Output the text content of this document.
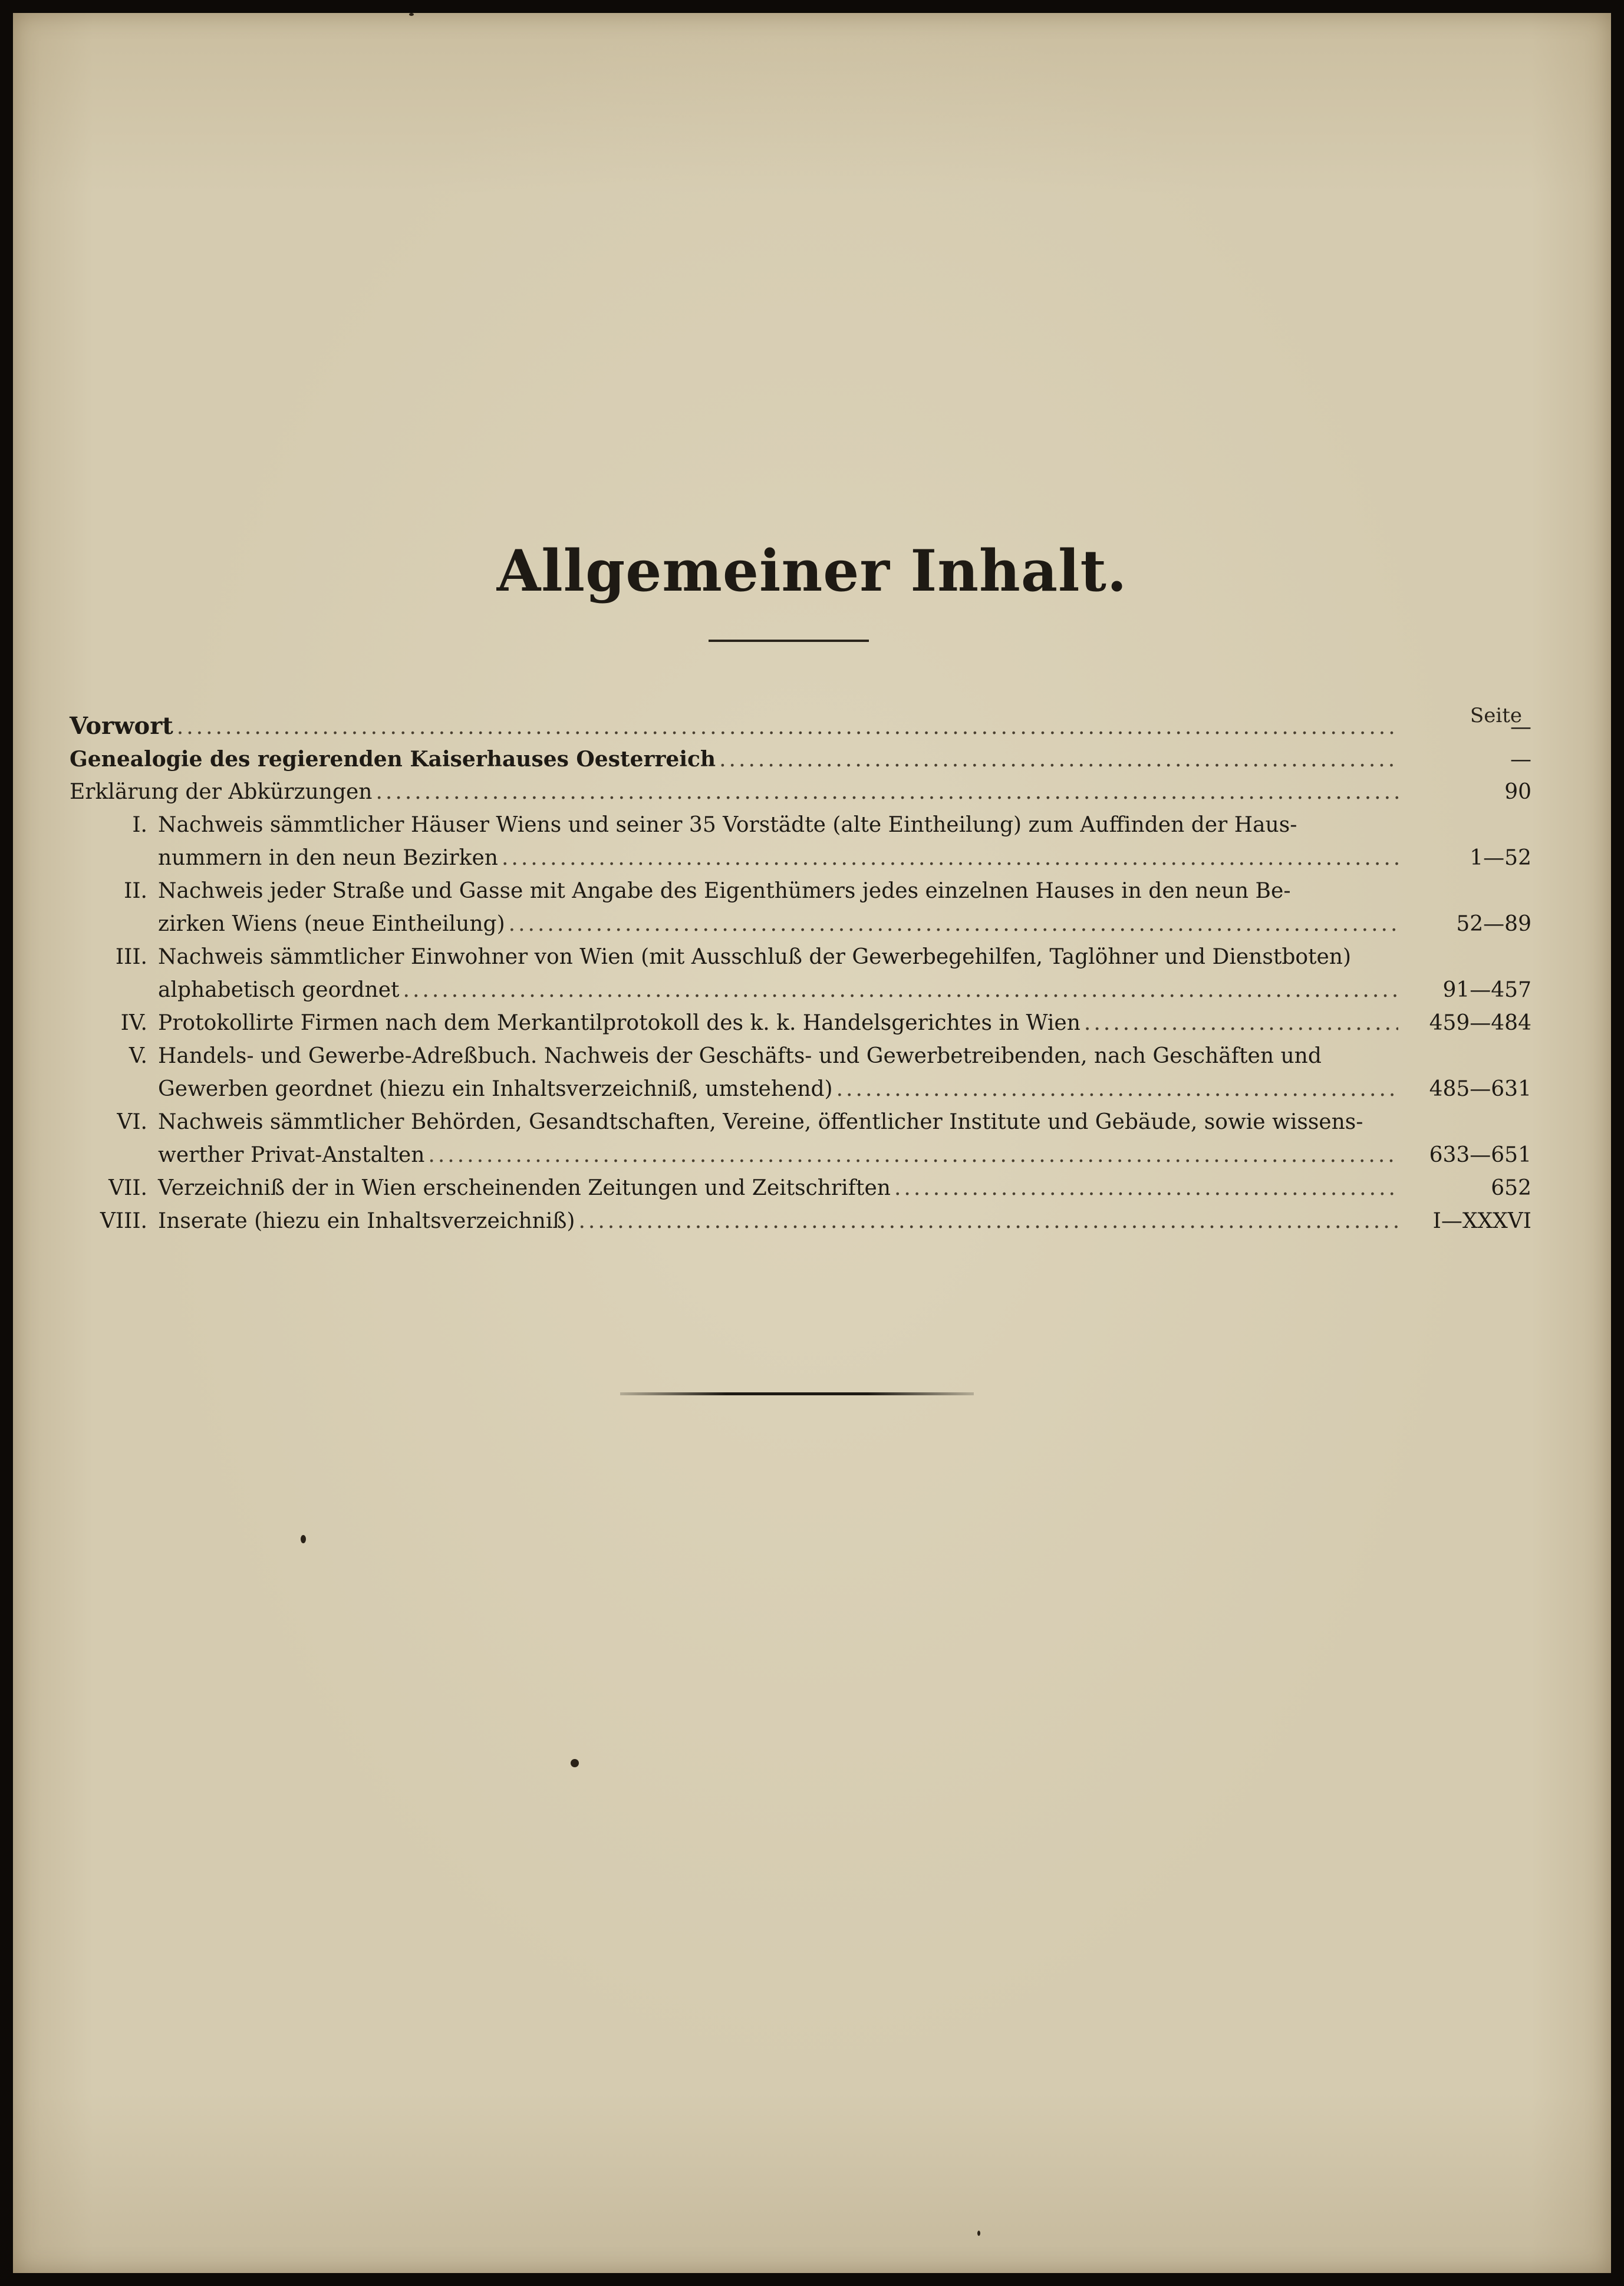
Allgemeiner Inhalt.
Seite
Vorwort .....	—
Genealogie des regierenden Kaiserhauses Oesterreich .....	—
Erklärung der Abkürzungen .....	90
I. Nachweis sämmtlicher Häuser Wiens und seiner 35 Vorstädte (alte Eintheilung) zum Auffinden der Haus-
nummern in den neun Bezirken .....	1—52
II. Nachweis jeder Straße und Gasse mit Angabe des Eigenthümers jedes einzelnen Hauses in den neun Be-
zirken Wiens (neue Eintheilung) .....	52—89
III. Nachweis sämmtlicher Einwohner von Wien (mit Ausschluß der Gewerbegehilfen, Taglöhner und Dienstboten)
alphabetisch geordnet .....	91—457
IV. Protokollirte Firmen nach dem Merkantilprotokoll des k. k. Handelsgerichtes in Wien .....	459—484
V. Handels- und Gewerbe-Adreßbuch. Nachweis der Geschäfts- und Gewerbetreibenden, nach Geschäften und
Gewerben geordnet (hiezu ein Inhaltsverzeichniß, umstehend) .....	485—631
VI. Nachweis sämmtlicher Behörden, Gesandtschaften, Vereine, öffentlicher Institute und Gebäude, sowie wissens-
werther Privat-Anstalten .....	633—651
VII. Verzeichniß der in Wien erscheinenden Zeitungen und Zeitschriften .....	652
VIII. Inserate (hiezu ein Inhaltsverzeichniß) .....	I—XXXVI
